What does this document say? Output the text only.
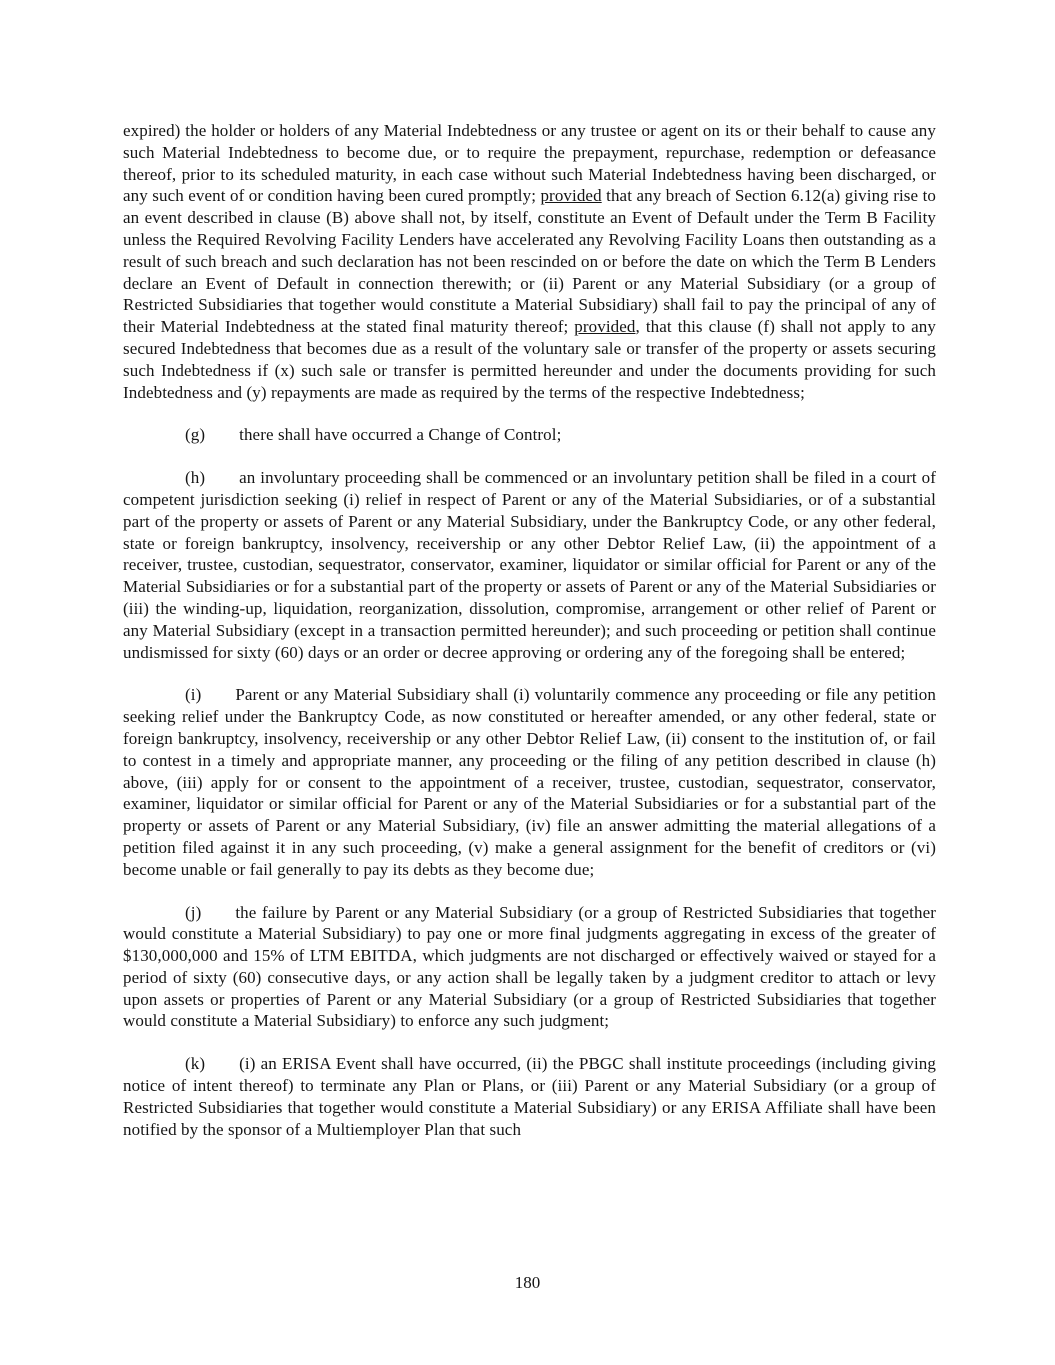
expired) the holder or holders of any Material Indebtedness or any trustee or agent on its or their behalf to cause any such Material Indebtedness to become due, or to require the prepayment, repurchase, redemption or defeasance thereof, prior to its scheduled maturity, in each case without such Material Indebtedness having been discharged, or any such event of or condition having been cured promptly; provided that any breach of Section 6.12(a) giving rise to an event described in clause (B) above shall not, by itself, constitute an Event of Default under the Term B Facility unless the Required Revolving Facility Lenders have accelerated any Revolving Facility Loans then outstanding as a result of such breach and such declaration has not been rescinded on or before the date on which the Term B Lenders declare an Event of Default in connection therewith; or (ii) Parent or any Material Subsidiary (or a group of Restricted Subsidiaries that together would constitute a Material Subsidiary) shall fail to pay the principal of any of their Material Indebtedness at the stated final maturity thereof; provided, that this clause (f) shall not apply to any secured Indebtedness that becomes due as a result of the voluntary sale or transfer of the property or assets securing such Indebtedness if (x) such sale or transfer is permitted hereunder and under the documents providing for such Indebtedness and (y) repayments are made as required by the terms of the respective Indebtedness;

(g) there shall have occurred a Change of Control;

(h) an involuntary proceeding shall be commenced or an involuntary petition shall be filed in a court of competent jurisdiction seeking (i) relief in respect of Parent or any of the Material Subsidiaries, or of a substantial part of the property or assets of Parent or any Material Subsidiary, under the Bankruptcy Code, or any other federal, state or foreign bankruptcy, insolvency, receivership or any other Debtor Relief Law, (ii) the appointment of a receiver, trustee, custodian, sequestrator, conservator, examiner, liquidator or similar official for Parent or any of the Material Subsidiaries or for a substantial part of the property or assets of Parent or any of the Material Subsidiaries or (iii) the winding-up, liquidation, reorganization, dissolution, compromise, arrangement or other relief of Parent or any Material Subsidiary (except in a transaction permitted hereunder); and such proceeding or petition shall continue undismissed for sixty (60) days or an order or decree approving or ordering any of the foregoing shall be entered;

(i) Parent or any Material Subsidiary shall (i) voluntarily commence any proceeding or file any petition seeking relief under the Bankruptcy Code, as now constituted or hereafter amended, or any other federal, state or foreign bankruptcy, insolvency, receivership or any other Debtor Relief Law, (ii) consent to the institution of, or fail to contest in a timely and appropriate manner, any proceeding or the filing of any petition described in clause (h) above, (iii) apply for or consent to the appointment of a receiver, trustee, custodian, sequestrator, conservator, examiner, liquidator or similar official for Parent or any of the Material Subsidiaries or for a substantial part of the property or assets of Parent or any Material Subsidiary, (iv) file an answer admitting the material allegations of a petition filed against it in any such proceeding, (v) make a general assignment for the benefit of creditors or (vi) become unable or fail generally to pay its debts as they become due;

(j) the failure by Parent or any Material Subsidiary (or a group of Restricted Subsidiaries that together would constitute a Material Subsidiary) to pay one or more final judgments aggregating in excess of the greater of $130,000,000 and 15% of LTM EBITDA, which judgments are not discharged or effectively waived or stayed for a period of sixty (60) consecutive days, or any action shall be legally taken by a judgment creditor to attach or levy upon assets or properties of Parent or any Material Subsidiary (or a group of Restricted Subsidiaries that together would constitute a Material Subsidiary) to enforce any such judgment;

(k) (i) an ERISA Event shall have occurred, (ii) the PBGC shall institute proceedings (including giving notice of intent thereof) to terminate any Plan or Plans, or (iii) Parent or any Material Subsidiary (or a group of Restricted Subsidiaries that together would constitute a Material Subsidiary) or any ERISA Affiliate shall have been notified by the sponsor of a Multiemployer Plan that such

180
